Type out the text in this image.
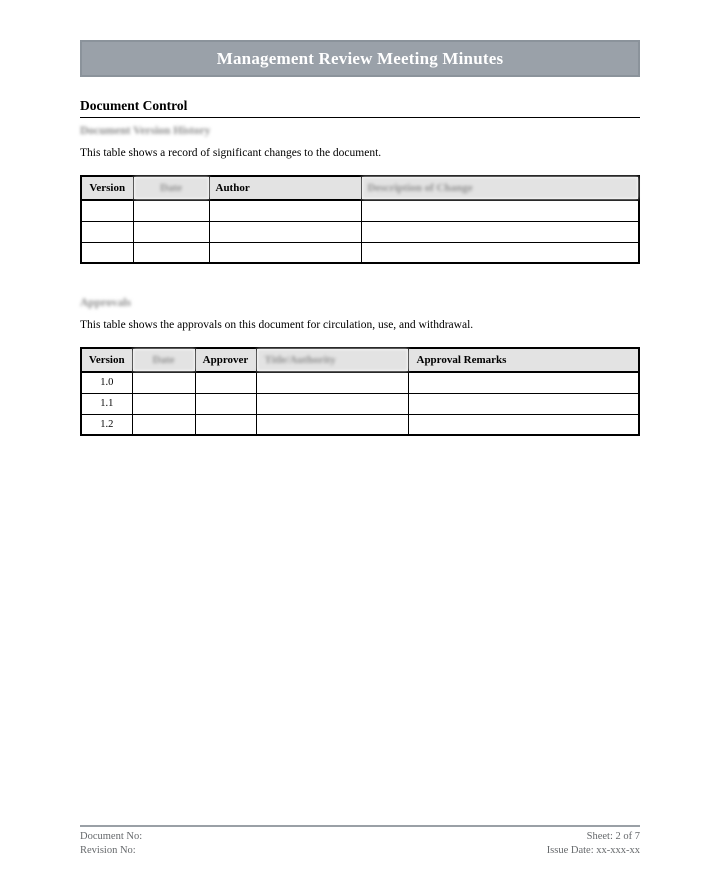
Management Review Meeting Minutes
Document Control
Document Version History
This table shows a record of significant changes to the document.
Version	Date	Author	Description of Change

Approvals
This table shows the approvals on this document for circulation, use, and withdrawal.
Version	Date	Approver	Title/Authority	Approval Remarks
1.0				
1.1				
1.2				
Document No:
Revision No:
Sheet: 2 of 7
Issue Date: xx-xxx-xx
